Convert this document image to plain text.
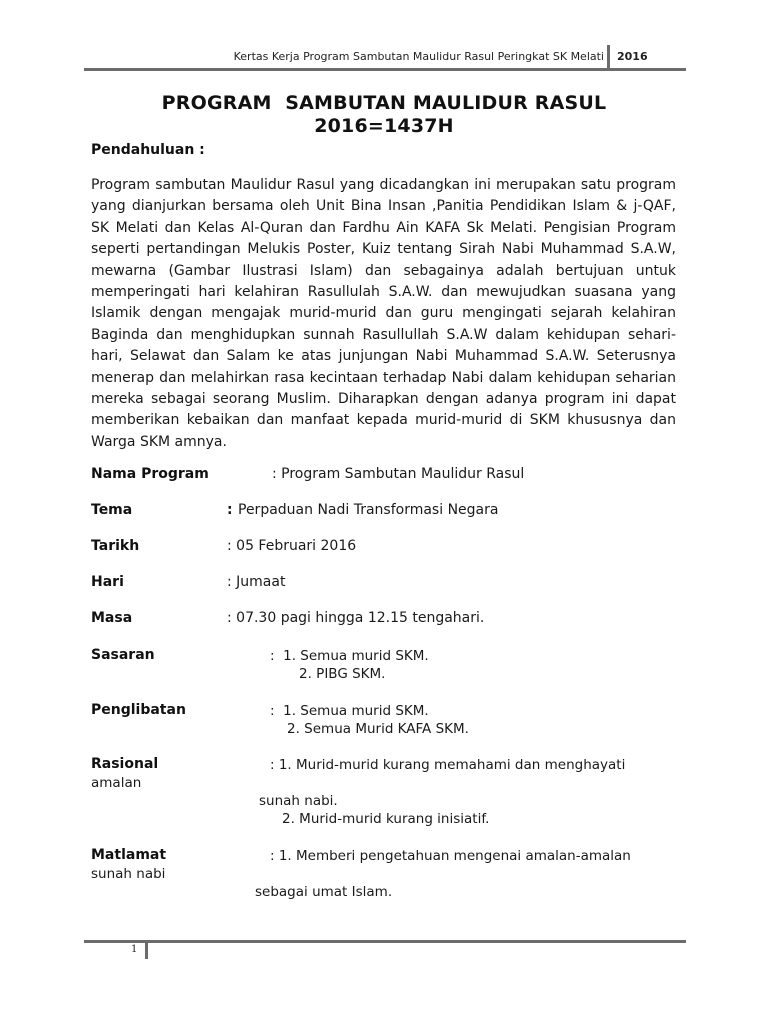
Kertas Kerja Program Sambutan Maulidur Rasul Peringkat SK Melati 2016
PROGRAM  SAMBUTAN MAULIDUR RASUL
2016=1437H
Pendahuluan :
Program sambutan Maulidur Rasul yang dicadangkan ini merupakan satu program yang dianjurkan bersama oleh Unit Bina Insan ,Panitia Pendidikan Islam & j-QAF, SK Melati dan Kelas Al-Quran dan Fardhu Ain KAFA Sk Melati. Pengisian Program seperti pertandingan Melukis Poster, Kuiz tentang Sirah Nabi Muhammad S.A.W, mewarna (Gambar Ilustrasi Islam) dan sebagainya adalah bertujuan untuk memperingati hari kelahiran Rasullulah S.A.W. dan mewujudkan suasana yang Islamik dengan mengajak murid-murid dan guru mengingati sejarah kelahiran Baginda dan menghidupkan sunnah Rasullullah S.A.W dalam kehidupan sehari-hari, Selawat dan Salam ke atas junjungan Nabi Muhammad S.A.W. Seterusnya menerap dan melahirkan rasa kecintaan terhadap Nabi dalam kehidupan seharian mereka sebagai seorang Muslim. Diharapkan dengan adanya program ini dapat memberikan kebaikan dan manfaat kepada murid-murid di SKM khususnya dan Warga SKM amnya.
Nama Program	: Program Sambutan Maulidur Rasul
Tema	: Perpaduan Nadi Transformasi Negara
Tarikh	: 05 Februari 2016
Hari	: Jumaat
Masa	: 07.30 pagi hingga 12.15 tengahari.
Sasaran	:  1. Semua murid SKM.
2. PIBG SKM.
Penglibatan	:  1. Semua murid SKM.
2. Semua Murid KAFA SKM.
Rasional	: 1. Murid-murid kurang memahami dan menghayati
amalan
sunah nabi.
2. Murid-murid kurang inisiatif.
Matlamat	: 1. Memberi pengetahuan mengenai amalan-amalan
sunah nabi
sebagai umat Islam.
1
